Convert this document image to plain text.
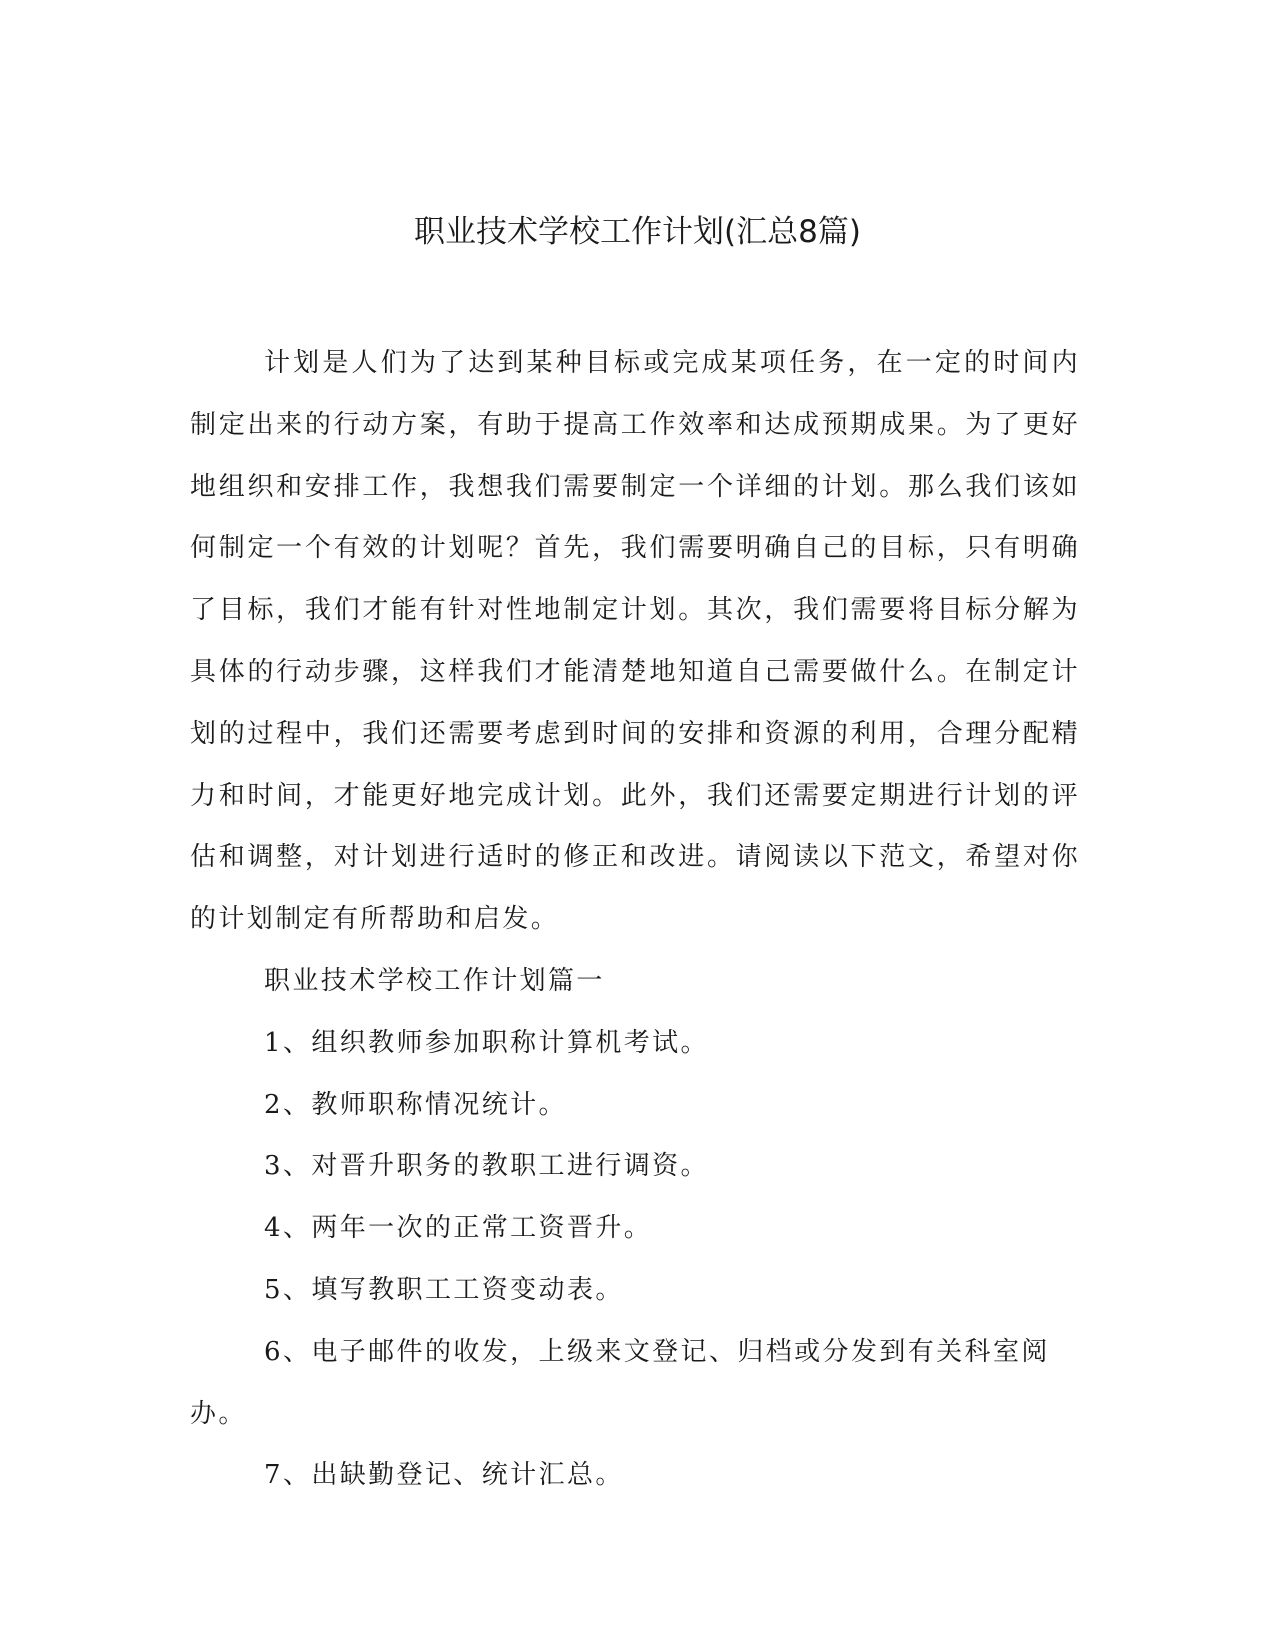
职业技术学校工作计划(汇总8篇)

计划是人们为了达到某种目标或完成某项任务，在一定的时间内制定出来的行动方案，有助于提高工作效率和达成预期成果。为了更好地组织和安排工作，我想我们需要制定一个详细的计划。那么我们该如何制定一个有效的计划呢？首先，我们需要明确自己的目标，只有明确了目标，我们才能有针对性地制定计划。其次，我们需要将目标分解为具体的行动步骤，这样我们才能清楚地知道自己需要做什么。在制定计划的过程中，我们还需要考虑到时间的安排和资源的利用，合理分配精力和时间，才能更好地完成计划。此外，我们还需要定期进行计划的评估和调整，对计划进行适时的修正和改进。请阅读以下范文，希望对你的计划制定有所帮助和启发。

职业技术学校工作计划篇一

1、组织教师参加职称计算机考试。

2、教师职称情况统计。

3、对晋升职务的教职工进行调资。

4、两年一次的正常工资晋升。

5、填写教职工工资变动表。

6、电子邮件的收发，上级来文登记、归档或分发到有关科室阅办。

7、出缺勤登记、统计汇总。
